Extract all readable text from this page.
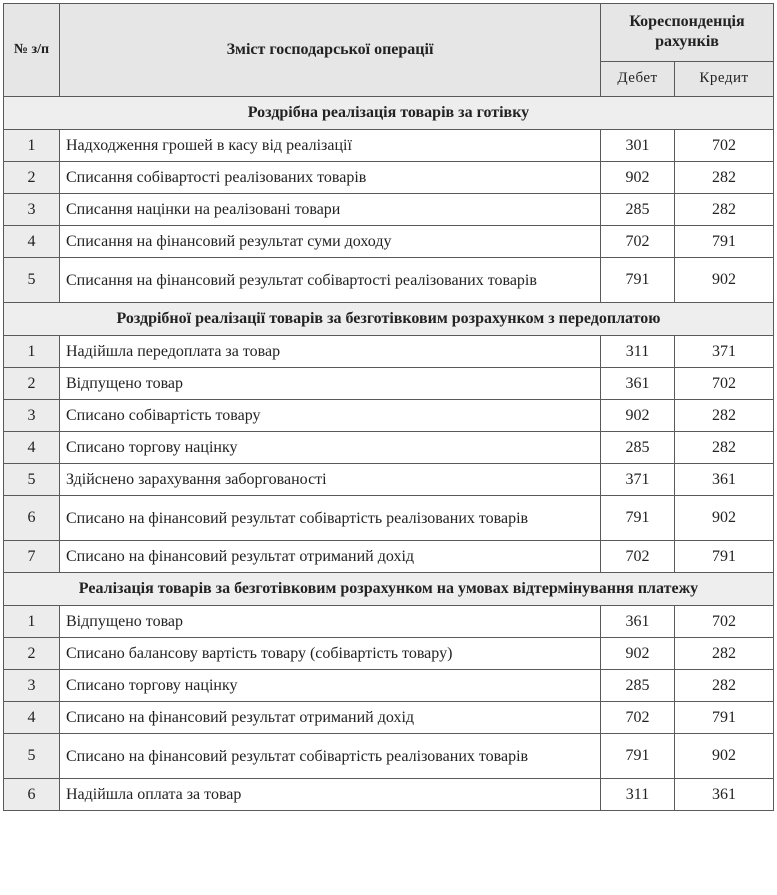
№ з/п	Зміст господарської операції	Кореспонденція рахунків	
		Дебет	Кредит
Роздрібна реалізація товарів за готівку			
1	Надходження грошей в касу від реалізації	301	702
2	Списання собівартості реалізованих товарів	902	282
3	Списання націнки на реалізовані товари	285	282
4	Списання на фінансовий результат суми доходу	702	791
5	Списання на фінансовий результат собівартості реалізованих товарів	791	902
Роздрібної реалізації товарів за безготівковим розрахунком з передоплатою			
1	Надійшла передоплата за товар	311	371
2	Відпущено товар	361	702
3	Списано собівартість товару	902	282
4	Списано торгову націнку	285	282
5	Здійснено зарахування заборгованості	371	361
6	Списано на фінансовий результат собівартість реалізованих товарів	791	902
7	Списано на фінансовий результат отриманий дохід	702	791
Реалізація товарів за безготівковим розрахунком на умовах відтермінування платежу			
1	Відпущено товар	361	702
2	Списано балансову вартість товару (собівартість товару)	902	282
3	Списано торгову націнку	285	282
4	Списано на фінансовий результат отриманий дохід	702	791
5	Списано на фінансовий результат собівартість реалізованих товарів	791	902
6	Надійшла оплата за товар	311	361
